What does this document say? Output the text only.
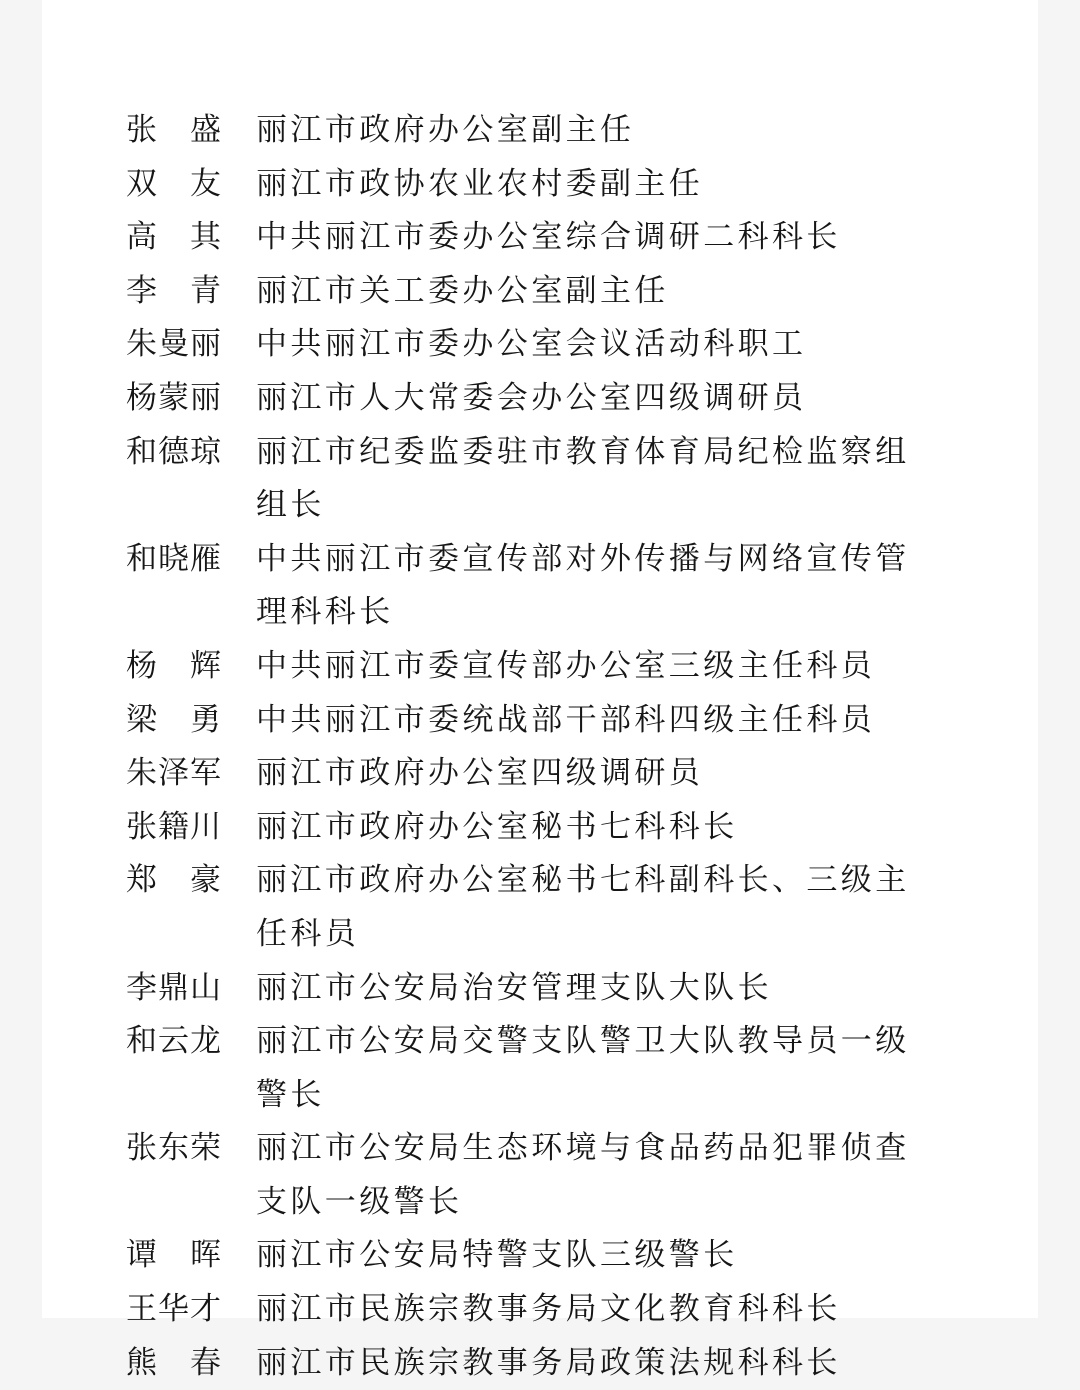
张 盛 丽江市政府办公室副主任
双 友 丽江市政协农业农村委副主任
高 其 中共丽江市委办公室综合调研二科科长
李 青 丽江市关工委办公室副主任
朱曼丽	中共丽江市委办公室会议活动科职工
杨蒙丽	丽江市人大常委会办公室四级调研员
和德琼	丽江市纪委监委驻市教育体育局纪检监察组组长
和晓雁	中共丽江市委宣传部对外传播与网络宣传管理科科长
杨 辉 中共丽江市委宣传部办公室三级主任科员
梁 勇 中共丽江市委统战部干部科四级主任科员
朱泽军	丽江市政府办公室四级调研员
张籍川	丽江市政府办公室秘书七科科长
郑 豪 丽江市政府办公室秘书七科副科长、三级主任科员
李鼎山	丽江市公安局治安管理支队大队长
和云龙	丽江市公安局交警支队警卫大队教导员一级警长
张东荣	丽江市公安局生态环境与食品药品犯罪侦查支队一级警长
谭 晖 丽江市公安局特警支队三级警长
王华才	丽江市民族宗教事务局文化教育科科长
熊 春 丽江市民族宗教事务局政策法规科科长
